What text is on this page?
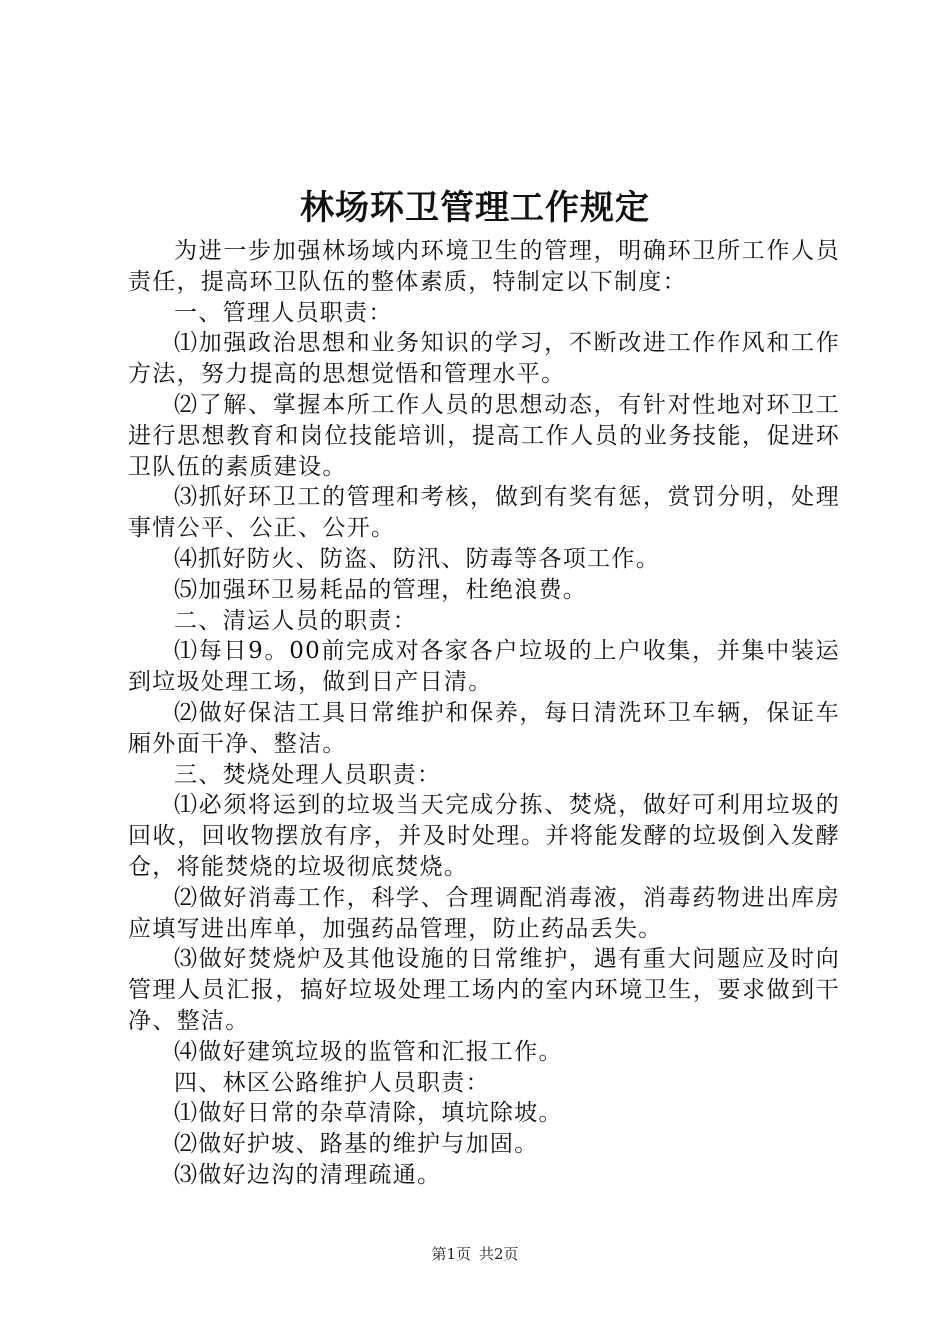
林场环卫管理工作规定

为进一步加强林场域内环境卫生的管理，明确环卫所工作人员责任，提高环卫队伍的整体素质，特制定以下制度：

一、管理人员职责：

⑴加强政治思想和业务知识的学习，不断改进工作作风和工作方法，努力提高的思想觉悟和管理水平。

⑵了解、掌握本所工作人员的思想动态，有针对性地对环卫工进行思想教育和岗位技能培训，提高工作人员的业务技能，促进环卫队伍的素质建设。

⑶抓好环卫工的管理和考核，做到有奖有惩，赏罚分明，处理事情公平、公正、公开。

⑷抓好防火、防盗、防汛、防毒等各项工作。

⑸加强环卫易耗品的管理，杜绝浪费。

二、清运人员的职责：

⑴每日9。00前完成对各家各户垃圾的上户收集，并集中装运到垃圾处理工场，做到日产日清。

⑵做好保洁工具日常维护和保养，每日清洗环卫车辆，保证车厢外面干净、整洁。

三、焚烧处理人员职责：

⑴必须将运到的垃圾当天完成分拣、焚烧，做好可利用垃圾的回收，回收物摆放有序，并及时处理。并将能发酵的垃圾倒入发酵仓，将能焚烧的垃圾彻底焚烧。

⑵做好消毒工作，科学、合理调配消毒液，消毒药物进出库房应填写进出库单，加强药品管理，防止药品丢失。

⑶做好焚烧炉及其他设施的日常维护，遇有重大问题应及时向管理人员汇报，搞好垃圾处理工场内的室内环境卫生，要求做到干净、整洁。

⑷做好建筑垃圾的监管和汇报工作。

四、林区公路维护人员职责：

⑴做好日常的杂草清除，填坑除坡。

⑵做好护坡、路基的维护与加固。

⑶做好边沟的清理疏通。

第1页 共2页
